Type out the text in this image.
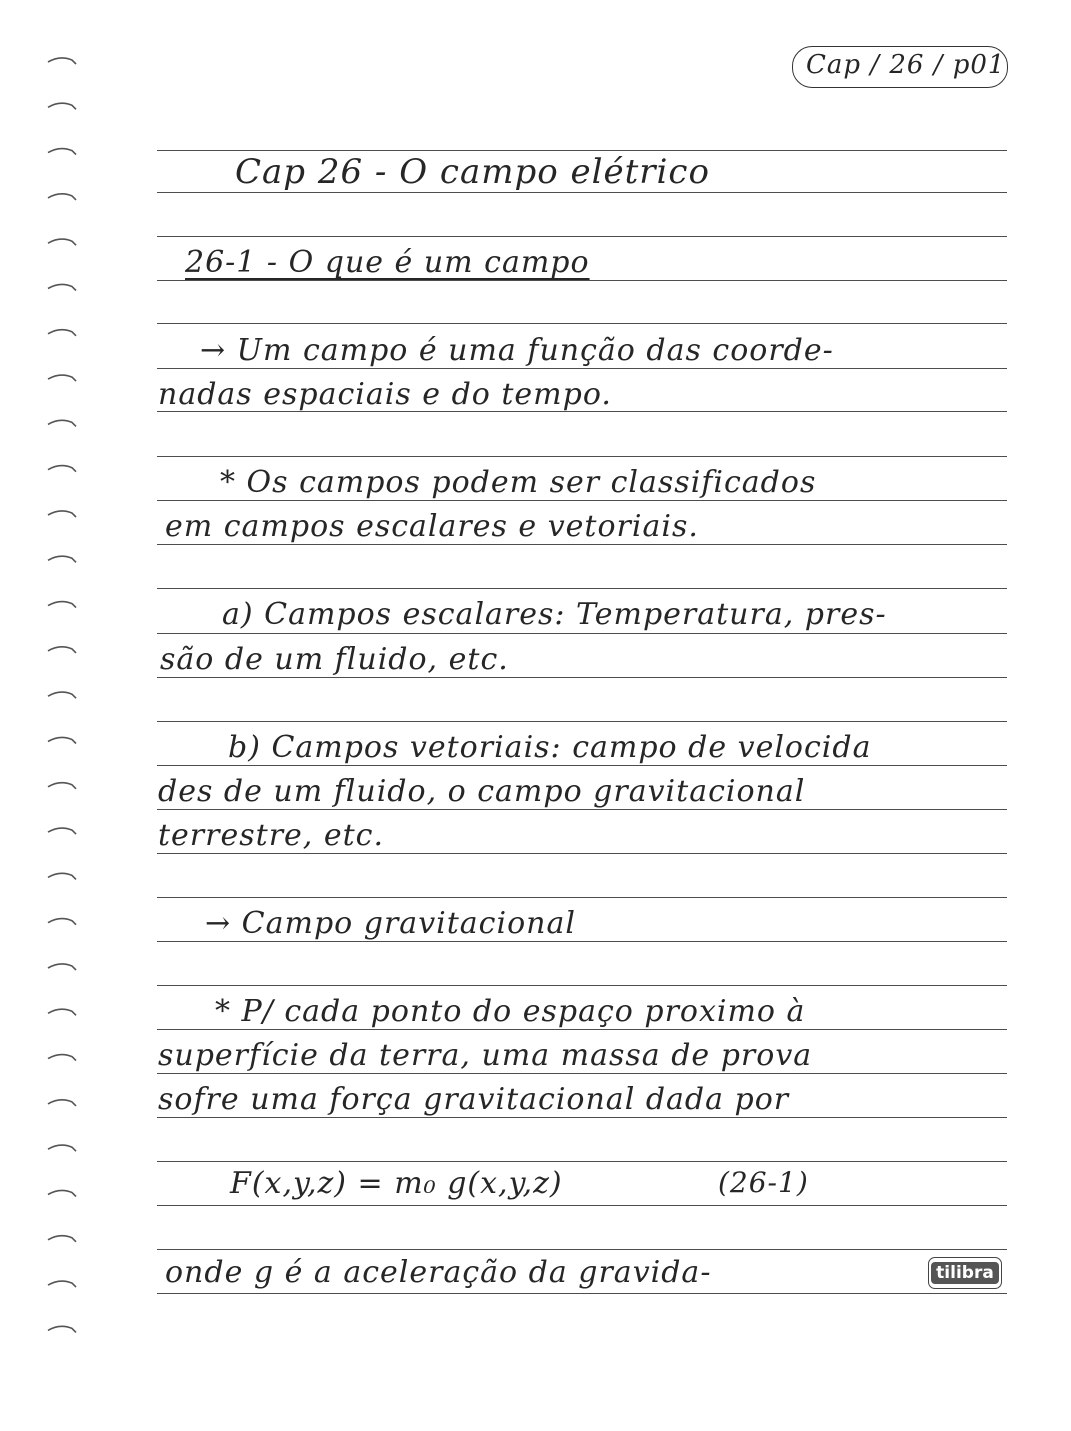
Cap / 26 / p01
Cap 26 - O campo elétrico
26-1 - O que é um campo
→ Um campo é uma função das coorde-
nadas espaciais e do tempo.
* Os campos podem ser classificados
em campos escalares e vetoriais.
a) Campos escalares: Temperatura, pres-
são de um fluido, etc.
b) Campos vetoriais: campo de velocida
des de um fluido, o campo gravitacional
terrestre, etc.
→ Campo gravitacional
* P/ cada ponto do espaço proximo à
superfície da terra, uma massa de prova
sofre uma força gravitacional dada por
F(x,y,z) = m₀ g(x,y,z)	(26-1)
onde g é a aceleração da gravida-	tilibra
